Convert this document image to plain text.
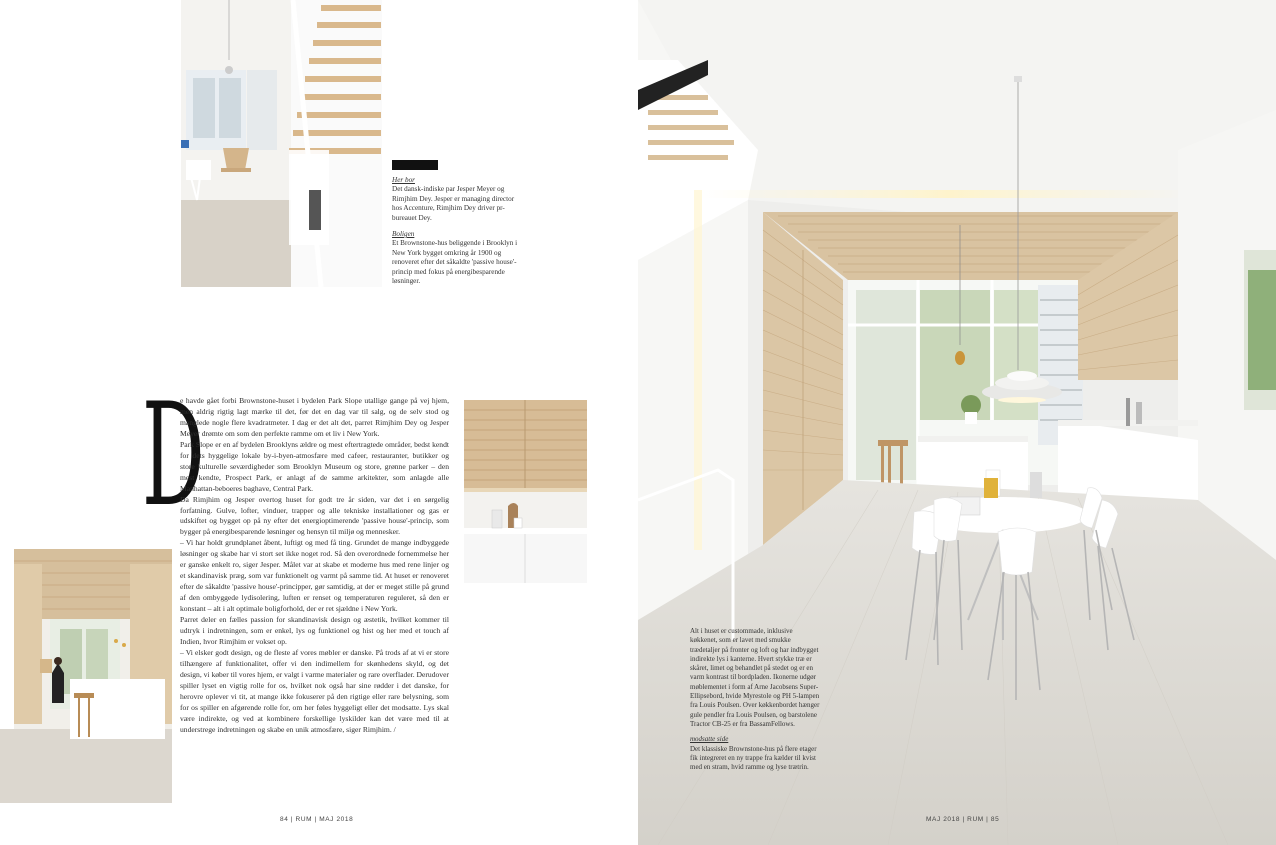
Her bor
Det dansk-indiske par Jesper Meyer og Rimjhim Dey. Jesper er managing director hos Accenture, Rimjhim Dey driver pr-bureauet Dey.

Boligen
Et Brownstone-hus beliggende i Brooklyn i New York bygget omkring år 1900 og renoveret efter det såkaldte 'passive house'-princip med fokus på energibesparende løsninger.

D

e havde gået forbi Brownstone-huset i bydelen Park Slope utallige gange på vej hjem, men aldrig rigtig lagt mærke til det, før det en dag var til salg, og de selv stod og manglede nogle flere kvadratmeter. I dag er det alt det, parret Rimjhim Dey og Jesper Meyer drømte om som den perfekte ramme om et liv i New York.

Park Slope er en af bydelen Brooklyns ældre og mest eftertragtede områder, bedst kendt for dets hyggelige lokale by-i-byen-atmosfære med cafeer, restauranter, butikker og store kulturelle seværdigheder som Brooklyn Museum og store, grønne parker – den mest kendte, Prospect Park, er anlagt af de samme arkitekter, som anlagde alle Manhattan-beboeres baghave, Central Park.

Da Rimjhim og Jesper overtog huset for godt tre år siden, var det i en sørgelig forfatning. Gulve, lofter, vinduer, trapper og alle tekniske installationer og gas er udskiftet og bygget op på ny efter det energioptimerende 'passive house'-princip, som bygger på energibesparende løsninger og hensyn til miljø og mennesker.

– Vi har holdt grundplanet åbent, luftigt og med få ting. Grundet de mange indbyggede løsninger og skabe har vi stort set ikke noget rod. Så den overordnede fornemmelse her er ganske enkelt ro, siger Jesper. Målet var at skabe et moderne hus med rene linjer og et skandinavisk præg, som var funktionelt og varmt på samme tid. At huset er renoveret efter de såkaldte 'passive house'-principper, gør samtidig, at der er meget stille på grund af den ombyggede lydisolering, luften er renset og temperaturen reguleret, så den er konstant – alt i alt optimale boligforhold, der er ret sjældne i New York.

Parret deler en fælles passion for skandinavisk design og æstetik, hvilket kommer til udtryk i indretningen, som er enkel, lys og funktionel og hist og her med et touch af Indien, hvor Rimjhim er vokset op.

– Vi elsker godt design, og de fleste af vores møbler er danske. På trods af at vi er store tilhængere af funktionalitet, offer vi den indimellem for skønhedens skyld, og det design, vi køber til vores hjem, er valgt i varme materialer og rare overflader. Derudover spiller lyset en vigtig rolle for os, hvilket nok også har sine rødder i det danske, for herovre oplever vi tit, at mange ikke fokuserer på den rigtige eller rare belysning, som for os spiller en afgørende rolle for, om her føles hyggeligt eller det modsatte. Lys skal være indirekte, og ved at kombinere forskellige lyskilder kan det være med til at understrege indretningen og skabe en unik atmosfære, siger Rimjhim. /

84 | RUM | MAJ 2018

Alt i huset er custommade, inklusive køkkenet, som er lavet med smukke trædetaljer på fronter og loft og har indbygget indirekte lys i kanterne. Hvert stykke træ er skåret, limet og behandlet på stedet og er en varm kontrast til bordpladen. Ikonerne udgør møblementet i form af Arne Jacobsens Super-Ellipsebord, hvide Myrestole og PH 5-lampen fra Louis Poulsen. Over køkkenbordet hænger gule pendler fra Louis Poulsen, og barstolene Tractor CB-25 er fra BassamFellows.

modsatte side
Det klassiske Brownstone-hus på flere etager fik integreret en ny trappe fra kælder til kvist med en stram, hvid ramme og lyse trætrin.

MAJ 2018 | RUM | 85
